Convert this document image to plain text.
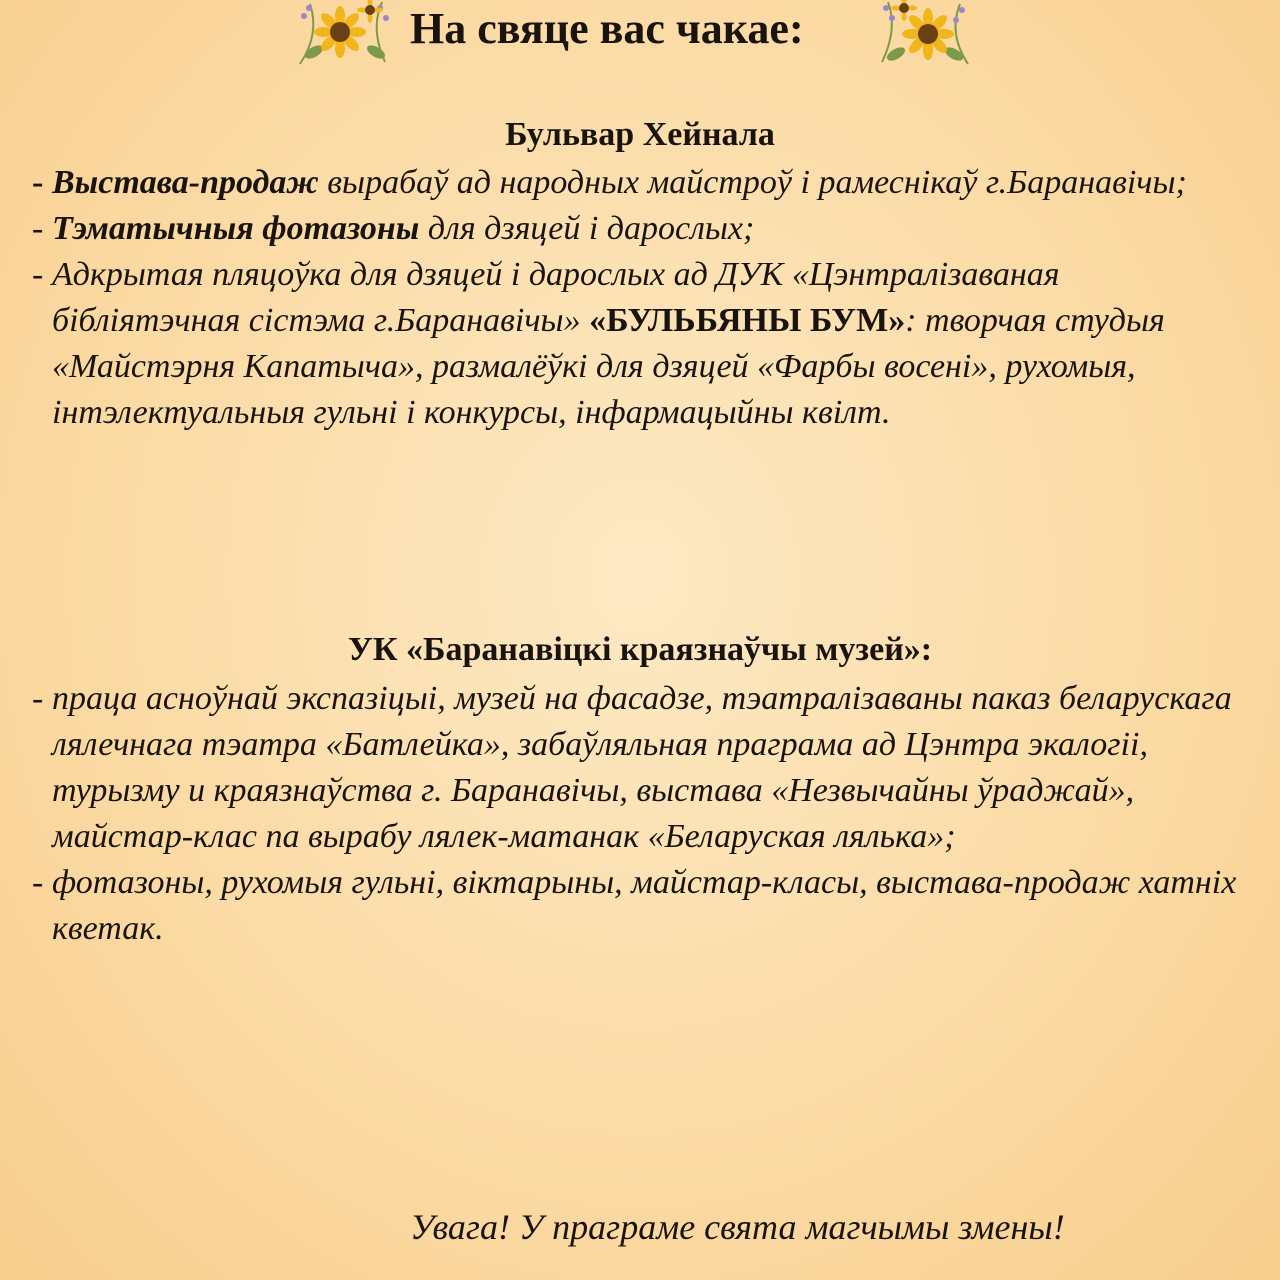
На свяце вас чакае:
Бульвар Хейнала
- Выстава-продаж вырабаў ад народных майстроў і рамеснікаў г.Баранавічы;
- Тэматычныя фотазоны для дзяцей і дарослых;
- Адкрытая пляцоўка для дзяцей і дарослых ад ДУК «Цэнтралізаваная бібліятэчная сістэма г.Баранавічы» «БУЛЬБЯНЫ БУМ»: творчая студыя «Майстэрня Капатыча», размалёўкі для дзяцей «Фарбы восені», рухомыя, інтэлектуальныя гульні і конкурсы, інфармацыйны квілт.
УК «Баранавіцкі краязнаўчы музей»:
- праца асноўнай экспазіцыі, музей на фасадзе, тэатралізаваны паказ беларускага лялечнага тэатра «Батлейка», забаўляльная праграма ад Цэнтра экалогіі, турызму и краязнаўства г. Баранавічы, выстава «Незвычайны ўраджай», майстар-клас па вырабу лялек-матанак «Беларуская лялька»;
- фотазоны, рухомыя гульні, віктарыны, майстар-класы, выстава-продаж хатніх кветак.
Увага! У праграме свята магчымы змены!
